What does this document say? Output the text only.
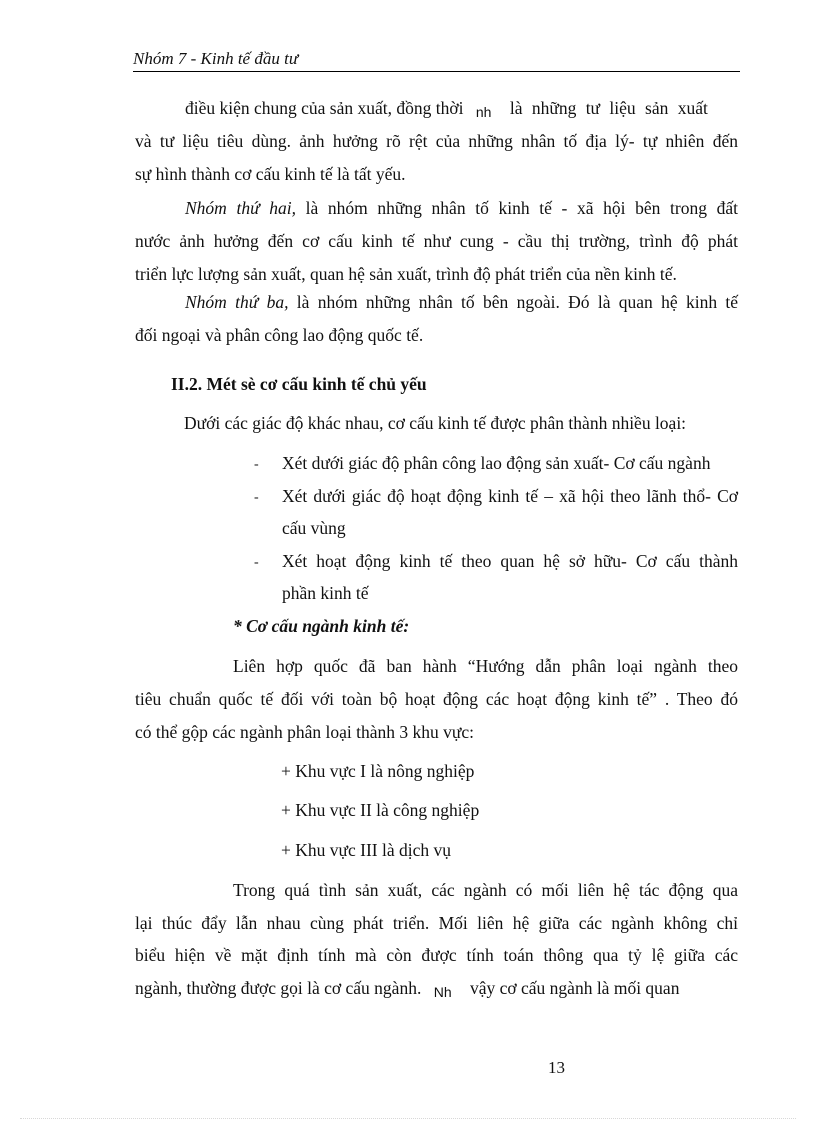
Nhóm 7 - Kinh tế đầu tư
điều kiện chung của sản xuất, đồng thời nh là những tư liệu sản xuất
và tư liệu tiêu dùng. ảnh hưởng rõ rệt của những nhân tố địa lý- tự nhiên đến
sự hình thành cơ cấu kinh tế là tất yếu.
Nhóm thứ hai, là nhóm những nhân tố kinh tế - xã hội bên trong đất
nước ảnh hưởng đến cơ cấu kinh tế như cung - cầu thị trường, trình độ phát
triển lực lượng sản xuất, quan hệ sản xuất, trình độ phát triển của nền kinh tế.
Nhóm thứ ba, là nhóm những nhân tố bên ngoài. Đó là quan hệ kinh tế
đối ngoại và phân công lao động quốc tế.
II.2. Mét sè cơ cấu kinh tế chủ yếu
Dưới các giác độ khác nhau, cơ cấu kinh tế được phân thành nhiều loại:
- Xét dưới giác độ phân công lao động sản xuất- Cơ cấu ngành
- Xét dưới giác độ hoạt động kinh tế – xã hội theo lãnh thổ- Cơ
cấu vùng
- Xét hoạt động kinh tế theo quan hệ sở hữu- Cơ cấu thành
phần kinh tế
* Cơ cấu ngành kinh tế:
Liên hợp quốc đã ban hành “Hướng dẫn phân loại ngành theo
tiêu chuẩn quốc tế đối với toàn bộ hoạt động các hoạt động kinh tế” . Theo đó
có thể gộp các ngành phân loại thành 3 khu vực:
+ Khu vực I là nông nghiệp
+ Khu vực II là công nghiệp
+ Khu vực III là dịch vụ
Trong quá tình sản xuất, các ngành có mối liên hệ tác động qua
lại thúc đẩy lẫn nhau cùng phát triển. Mối liên hệ giữa các ngành không chỉ
biểu hiện về mặt định tính mà còn được tính toán thông qua tỷ lệ giữa các
ngành, thường được gọi là cơ cấu ngành. Nh vậy cơ cấu ngành là mối quan
13
